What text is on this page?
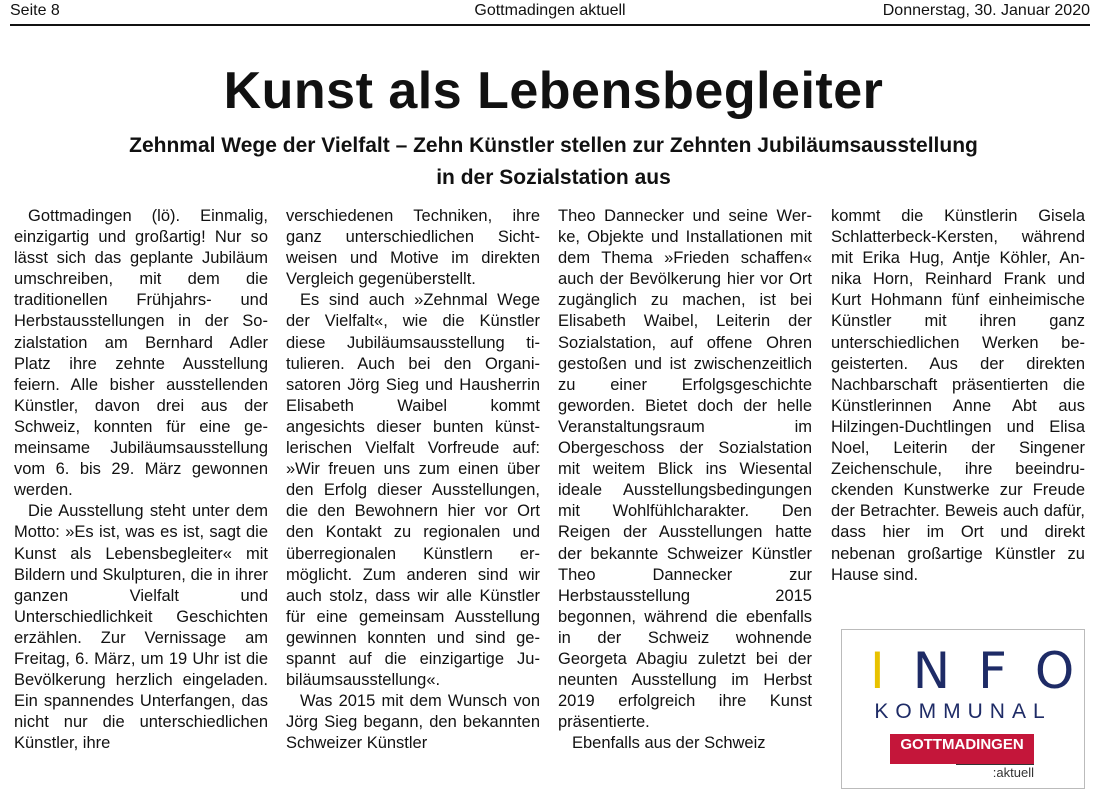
Seite 8	Gottmadingen aktuell	Donnerstag, 30. Januar 2020
Kunst als Lebensbegleiter
Zehnmal Wege der Vielfalt – Zehn Künstler stellen zur Zehnten Jubiläumsausstellung
in der Sozialstation aus

Gottmadingen (lö). Einmalig, einzigartig und großartig! Nur so lässt sich das geplante Jubiläum umschreiben, mit dem die traditionellen Frühjahrs- und Herbstausstellungen in der Sozialstation am Bernhard Adler Platz ihre zehnte Ausstellung feiern. Alle bisher ausstellenden Künstler, davon drei aus der Schweiz, konnten für eine gemeinsame Jubiläumsausstellung vom 6. bis 29. März gewonnen werden.

Die Ausstellung steht unter dem Motto: »Es ist, was es ist, sagt die Kunst als Lebensbegleiter« mit Bildern und Skulpturen, die in ihrer ganzen Vielfalt und Unterschiedlichkeit Geschichten erzählen. Zur Vernissage am Freitag, 6. März, um 19 Uhr ist die Bevölkerung herzlich eingeladen. Ein spannendes Unterfangen, das nicht nur die unterschiedlichen Künstler, ihre

verschiedenen Techniken, ihre ganz unterschiedlichen Sichtweisen und Motive im direkten Vergleich gegenüberstellt.

Es sind auch »Zehnmal Wege der Vielfalt«, wie die Künstler diese Jubiläumsausstellung titulieren. Auch bei den Organisatoren Jörg Sieg und Hausherrin Elisabeth Waibel kommt angesichts dieser bunten künstlerischen Vielfalt Vorfreude auf: »Wir freuen uns zum einen über den Erfolg dieser Ausstellungen, die den Bewohnern hier vor Ort den Kontakt zu regionalen und überregionalen Künstlern ermöglicht. Zum anderen sind wir auch stolz, dass wir alle Künstler für eine gemeinsam Ausstellung gewinnen konnten und sind gespannt auf die einzigartige Jubiläumsausstellung«.

Was 2015 mit dem Wunsch von Jörg Sieg begann, den bekannten Schweizer Künstler

Theo Dannecker und seine Werke, Objekte und Installationen mit dem Thema »Frieden schaffen« auch der Bevölkerung hier vor Ort zugänglich zu machen, ist bei Elisabeth Waibel, Leiterin der Sozialstation, auf offene Ohren gestoßen und ist zwischenzeitlich zu einer Erfolgsgeschichte geworden. Bietet doch der helle Veranstaltungsraum im Obergeschoss der Sozialstation mit weitem Blick ins Wiesental ideale Ausstellungsbedingungen mit Wohlfühlcharakter. Den Reigen der Ausstellungen hatte der bekannte Schweizer Künstler Theo Dannecker zur Herbstausstellung 2015 begonnen, während die ebenfalls in der Schweiz wohnende Georgeta Abagiu zuletzt bei der neunten Ausstellung im Herbst 2019 erfolgreich ihre Kunst präsentierte.

Ebenfalls aus der Schweiz

kommt die Künstlerin Gisela Schlatterbeck-Kersten, während mit Erika Hug, Antje Köhler, Annika Horn, Reinhard Frank und Kurt Hohmann fünf einheimische Künstler mit ihren ganz unterschiedlichen Werken begeisterten. Aus der direkten Nachbarschaft präsentierten die Künstlerinnen Anne Abt aus Hilzingen-Duchtlingen und Elisa Noel, Leiterin der Singener Zeichenschule, ihre beeindruckenden Kunstwerke zur Freude der Betrachter. Beweis auch dafür, dass hier im Ort und direkt nebenan großartige Künstler zu Hause sind.

INFO
KOMMUNAL
GOTTMADINGEN
:aktuell
